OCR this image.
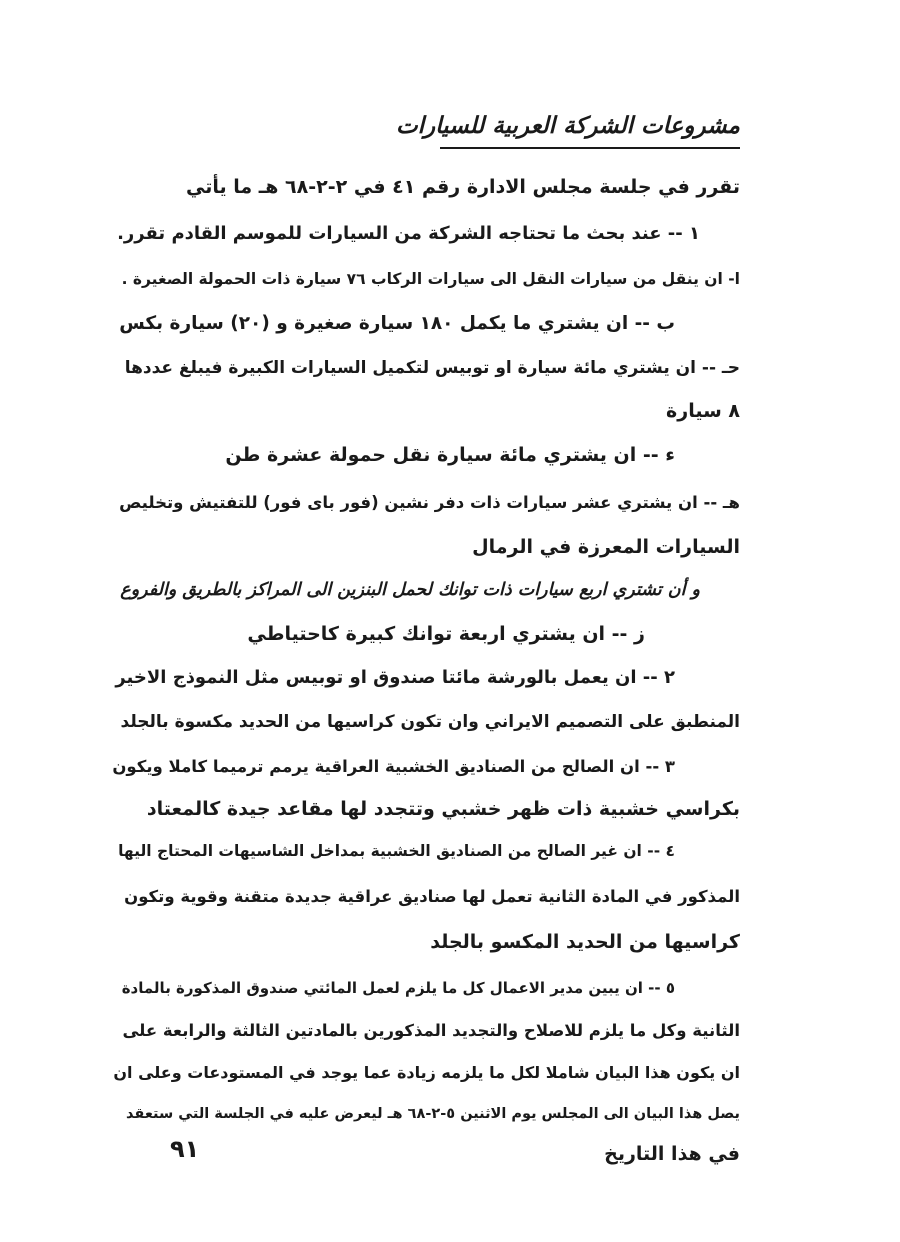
مشروعات الشركة العربية للسيارات
تقرر في جلسة مجلس الادارة رقم ٤١ في ٢-٢-٦٨ هـ ما يأتي
١ -- عند بحث ما تحتاجه الشركة من السيارات للموسم القادم تقرر.
ا- ان ينقل من سيارات النقل الى سيارات الركاب ٧٦ سيارة ذات الحمولة الصغيرة .
ب -- ان يشتري ما يكمل ١٨٠ سيارة صغيرة و (٢٠) سيارة بكس
حـ -- ان يشتري مائة سيارة او توبيس لتكميل السيارات الكبيرة فيبلغ عددها
٨ سيارة
ء -- ان يشتري مائة سيارة نقل حمولة عشرة طن
هـ -- ان يشتري عشر سيارات ذات دفر نشين (فور باى فور) للتفتيش وتخليص
السيارات المعرزة في الرمال
و أن تشتري اربع سيارات ذات توانك لحمل البنزين الى المراكز بالطريق والفروع
ز -- ان يشتري اربعة توانك كبيرة كاحتياطي
٢ -- ان يعمل بالورشة مائتا صندوق او توبيس مثل النموذج الاخير
المنطبق على التصميم الايراني وان تكون كراسيها من الحديد مكسوة بالجلد
٣ -- ان الصالح من الصناديق الخشبية العراقية يرمم ترميما كاملا ويكون
بكراسي خشبية ذات ظهر خشبي وتتجدد لها مقاعد جيدة كالمعتاد
٤ -- ان غير الصالح من الصناديق الخشبية بمداخل الشاسيهات المحتاج اليها
المذكور في المادة الثانية تعمل لها صناديق عراقية جديدة متقنة وقوية وتكون
كراسيها من الحديد المكسو بالجلد
٥ -- ان يبين مدير الاعمال كل ما يلزم لعمل المائتي صندوق المذكورة بالمادة
الثانية وكل ما يلزم للاصلاح والتجديد المذكورين بالمادتين الثالثة والرابعة على
ان يكون هذا البيان شاملا لكل ما يلزمه زيادة عما يوجد في المستودعات وعلى ان
يصل هذا البيان الى المجلس يوم الاثنين ٥-٢-٦٨ هـ ليعرض عليه في الجلسة التي ستعقد
في هذا التاريخ
٩١
